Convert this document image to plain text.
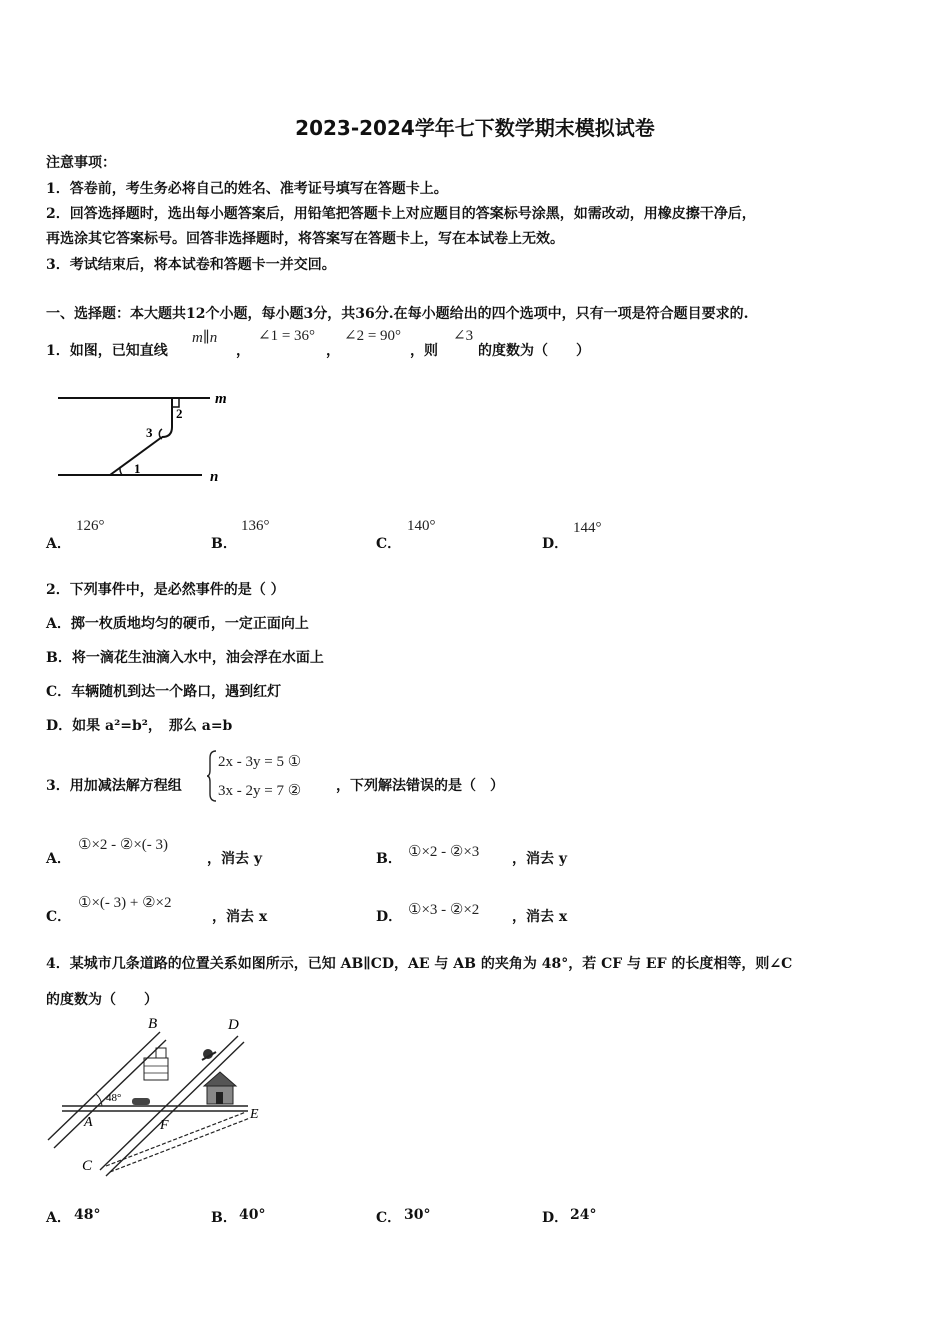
2023-2024学年七下数学期末模拟试卷
注意事项：
1．答卷前，考生务必将自己的姓名、准考证号填写在答题卡上。
2．回答选择题时，选出每小题答案后，用铅笔把答题卡上对应题目的答案标号涂黑，如需改动，用橡皮擦干净后，
再选涂其它答案标号。回答非选择题时，将答案写在答题卡上，写在本试卷上无效。
3．考试结束后，将本试卷和答题卡一并交回。
一、选择题：本大题共12个小题，每小题3分，共36分.在每小题给出的四个选项中，只有一项是符合题目要求的.
1．如图，已知直线
m∥n
，
∠1 = 36°
，
∠2 = 90°
，则
∠3
的度数为（　　）
m
n
2
3
1
A．
126°
B．
136°
C．
140°
D．
144°
2．下列事件中，是必然事件的是（ ）
A．掷一枚质地均匀的硬币，一定正面向上
B．将一滴花生油滴入水中，油会浮在水面上
C．车辆随机到达一个路口，遇到红灯
D．如果 a²=b²，　那么 a=b
3．用加减法解方程组
2x - 3y = 5 ①
3x - 2y = 7 ② ，下列解法错误的是（　）
A．
①×2 - ②×(- 3)
，消去 y	B． ①×2 - ②×3 ，消去 y
C．
①×(- 3) + ②×2
，消去 x	D． ①×3 - ②×2 ，消去 x
4．某城市几条道路的位置关系如图所示，已知 AB∥CD，AE 与 AB 的夹角为 48°，若 CF 与 EF 的长度相等，则∠C
的度数为（　　）
48°
B	D
A	F
E
C
A． 48°	B． 40°	C． 30°	D． 24°
